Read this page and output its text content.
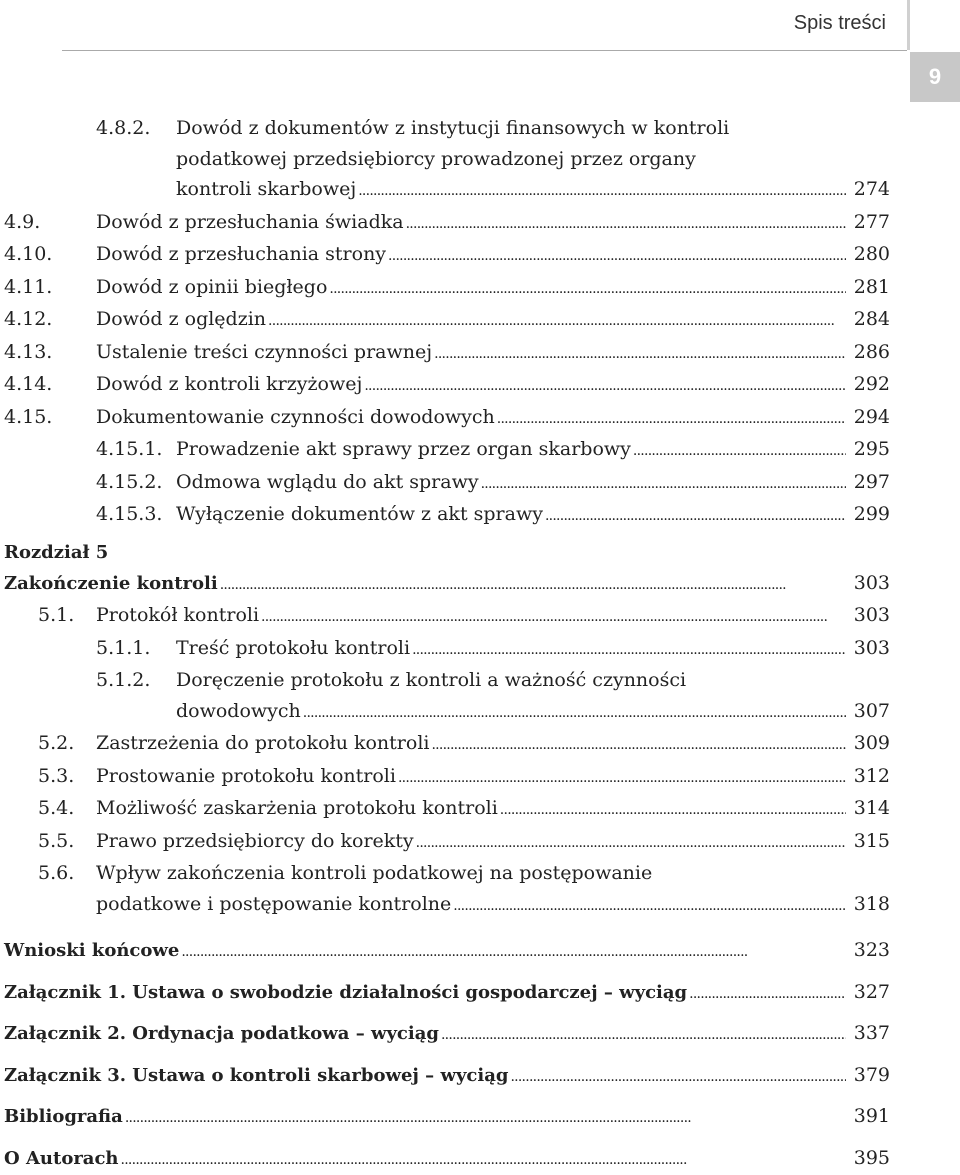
Spis treści
9
4.8.2.	Dowód z dokumentów z instytucji finansowych w kontroli
podatkowej przedsiębiorcy prowadzonej przez organy
kontroli skarbowej . . .	274
4.9.	Dowód z przesłuchania świadka . . .	277
4.10.	Dowód z przesłuchania strony . . .	280
4.11.	Dowód z opinii biegłego . . .	281
4.12.	Dowód z oględzin . . .	284
4.13.	Ustalenie treści czynności prawnej . . .	286
4.14.	Dowód z kontroli krzyżowej . . .	292
4.15.	Dokumentowanie czynności dowodowych . . .	294
4.15.1. Prowadzenie akt sprawy przez organ skarbowy . . .	295
4.15.2. Odmowa wglądu do akt sprawy . . .	297
4.15.3. Wyłączenie dokumentów z akt sprawy . . .	299
Rozdział 5
Zakończenie kontroli . . .	303
5.1.	Protokół kontroli . . .	303
5.1.1.	Treść protokołu kontroli . . .	303
5.1.2.	Doręczenie protokołu z kontroli a ważność czynności
dowodowych . . .	307
5.2.	Zastrzeżenia do protokołu kontroli . . .	309
5.3.	Prostowanie protokołu kontroli . . .	312
5.4.	Możliwość zaskarżenia protokołu kontroli . . .	314
5.5.	Prawo przedsiębiorcy do korekty . . .	315
5.6.	Wpływ zakończenia kontroli podatkowej na postępowanie
podatkowe i postępowanie kontrolne . . .	318
Wnioski końcowe . . .	323
Załącznik 1. Ustawa o swobodzie działalności gospodarczej – wyciąg . . .	327
Załącznik 2. Ordynacja podatkowa – wyciąg . . .	337
Załącznik 3. Ustawa o kontroli skarbowej – wyciąg . . .	379
Bibliografia . . .	391
O Autorach . . .	395
